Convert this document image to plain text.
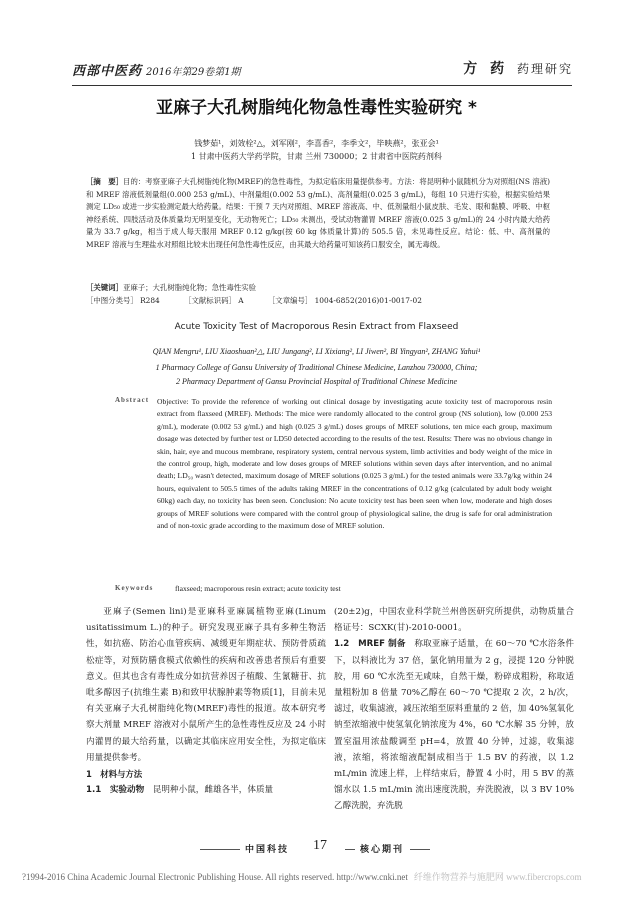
西部中医药 2016年第29卷第1期	方 药 药理研究
亚麻子大孔树脂纯化物急性毒性实验研究 *
钱梦茹¹，刘效栓²△，刘军刚²，李喜香²，李季文²，毕映燕²，张亚会¹
1 甘肃中医药大学药学院，甘肃 兰州 730000；2 甘肃省中医院药剂科
［摘　要］目的：考察亚麻子大孔树脂纯化物(MREF)的急性毒性，为拟定临床用量提供参考。方法：将昆明种小鼠随机分为对照组(NS 溶液)和 MREF 溶液低剂量组(0.000 253 g/mL)、中剂量组(0.002 53 g/mL)、高剂量组(0.025 3 g/mL)，每组 10 只进行实验，根据实验结果测定 LD₅₀ 或进一步实验测定最大给药量。结果：干预 7 天内对照组、MREF 溶液高、中、低剂量组小鼠皮肤、毛发、眼和黏膜、呼吸、中枢神经系统、四肢活动及体质量均无明显变化，无动物死亡；LD₅₀ 未测出，受试动物灌胃 MREF 溶液(0.025 3 g/mL)的 24 小时内最大给药量为 33.7 g/kg，相当于成人每天服用 MREF 0.12 g/kg(按 60 kg 体质量计算)的 505.5 倍，未见毒性反应。结论：低、中、高剂量的 MREF 溶液与生理盐水对照组比较未出现任何急性毒性反应，由其最大给药量可知该药口服安全，属无毒级。
［关键词］亚麻子；大孔树脂纯化物；急性毒性实验
［中图分类号］ R284	［文献标识码］ A	［文章编号］ 1004-6852(2016)01-0017-02
Acute Toxicity Test of Macroporous Resin Extract from Flaxseed
QIAN Mengru¹, LIU Xiaoshuan²△, LIU Jungang², LI Xixiang², LI Jiwen², BI Yingyan², ZHANG Yahui¹
1 Pharmacy College of Gansu University of Traditional Chinese Medicine, Lanzhou 730000, China;
2 Pharmacy Department of Gansu Provincial Hospital of Traditional Chinese Medicine
Abstract Objective: To provide the reference of working out clinical dosage by investigating acute toxicity test of macroporous resin extract from flaxseed (MREF). Methods: The mice were randomly allocated to the control group (NS solution), low (0.000 253 g/mL), moderate (0.002 53 g/mL) and high (0.025 3 g/mL) doses groups of MREF solutions, ten mice each group, maximum dosage was detected by further test or LD50 detected according to the results of the test. Results: There was no obvious change in skin, hair, eye and mucous membrane, respiratory system, central nervous system, limb activities and body weight of the mice in the control group, high, moderate and low doses groups of MREF solutions within seven days after intervention, and no animal death; LD₅₀ wasn't detected, maximum dosage of MREF solutions (0.025 3 g/mL) for the tested animals were 33.7g/kg within 24 hours, equivalent to 505.5 times of the adults taking MREF in the concentrations of 0.12 g/kg (calculated by adult body weight 60kg) each day, no toxicity has been seen. Conclusion: No acute toxicity test has been seen when low, moderate and high doses groups of MREF solutions were compared with the control group of physiological saline, the drug is safe for oral administration and of non-toxic grade according to the maximum dose of MREF solution.
Keywords	flaxseed; macroporous resin extract; acute toxicity test

亚麻子(Semen lini)是亚麻科亚麻属植物亚麻(Linum usitatissimum L.)的种子。研究发现亚麻子具有多种生物活性，如抗癌、防治心血管疾病、减缓更年期症状、预防骨质疏松症等，对预防膳食模式依赖性的疾病和改善患者预后有重要意义。但其也含有毒性成分如抗营养因子植酸、生氰糖苷、抗吡多醇因子(抗维生素 B)和致甲状腺肿素等物质[1]，目前未见有关亚麻子大孔树脂纯化物(MREF)毒性的报道。故本研究考察大剂量 MREF 溶液对小鼠所产生的急性毒性反应及 24 小时内灌胃的最大给药量，以确定其临床应用安全性，为拟定临床用量提供参考。

1　材料与方法

1.1　实验动物　 昆明种小鼠，雌雄各半，体质量

(20±2)g，中国农业科学院兰州兽医研究所提供，动物质量合格证号：SCXK(甘)-2010-0001。

1.2　MREF 制备　 称取亚麻子适量，在 60～70 ℃水浴条件下，以料液比为 37 倍，氯化钠用量为 2 g，浸提 120 分钟脱胶，用 60 ℃水洗至无咸味，自然干燥，粉碎成粗粉，称取适量粗粉加 8 倍量 70%乙醇在 60～70 ℃提取 2 次，2 h/次，滤过，收集滤液，减压浓缩至原料重量的 2 倍，加 40%氢氧化钠至浓缩液中使氢氧化钠浓度为 4%，60 ℃水解 35 分钟，放置室温用浓盐酸调至 pH=4，放置 40 分钟，过滤，收集滤液，浓缩，将浓缩液配制成相当于 1.5 BV 的药液，以 1.2 mL/min 流速上样，上样结束后，静置 4 小时，用 5 BV 的蒸馏水以 1.5 mL/min 流出速度洗脱，弃洗脱液，以 3 BV 10%乙醇洗脱，弃洗脱

中国科技	17	核心期刊
?1994-2016 China Academic Journal Electronic Publishing House. All rights reserved. http://www.cnki.net 纤维作物营养与施肥网 www.fibercrops.com
